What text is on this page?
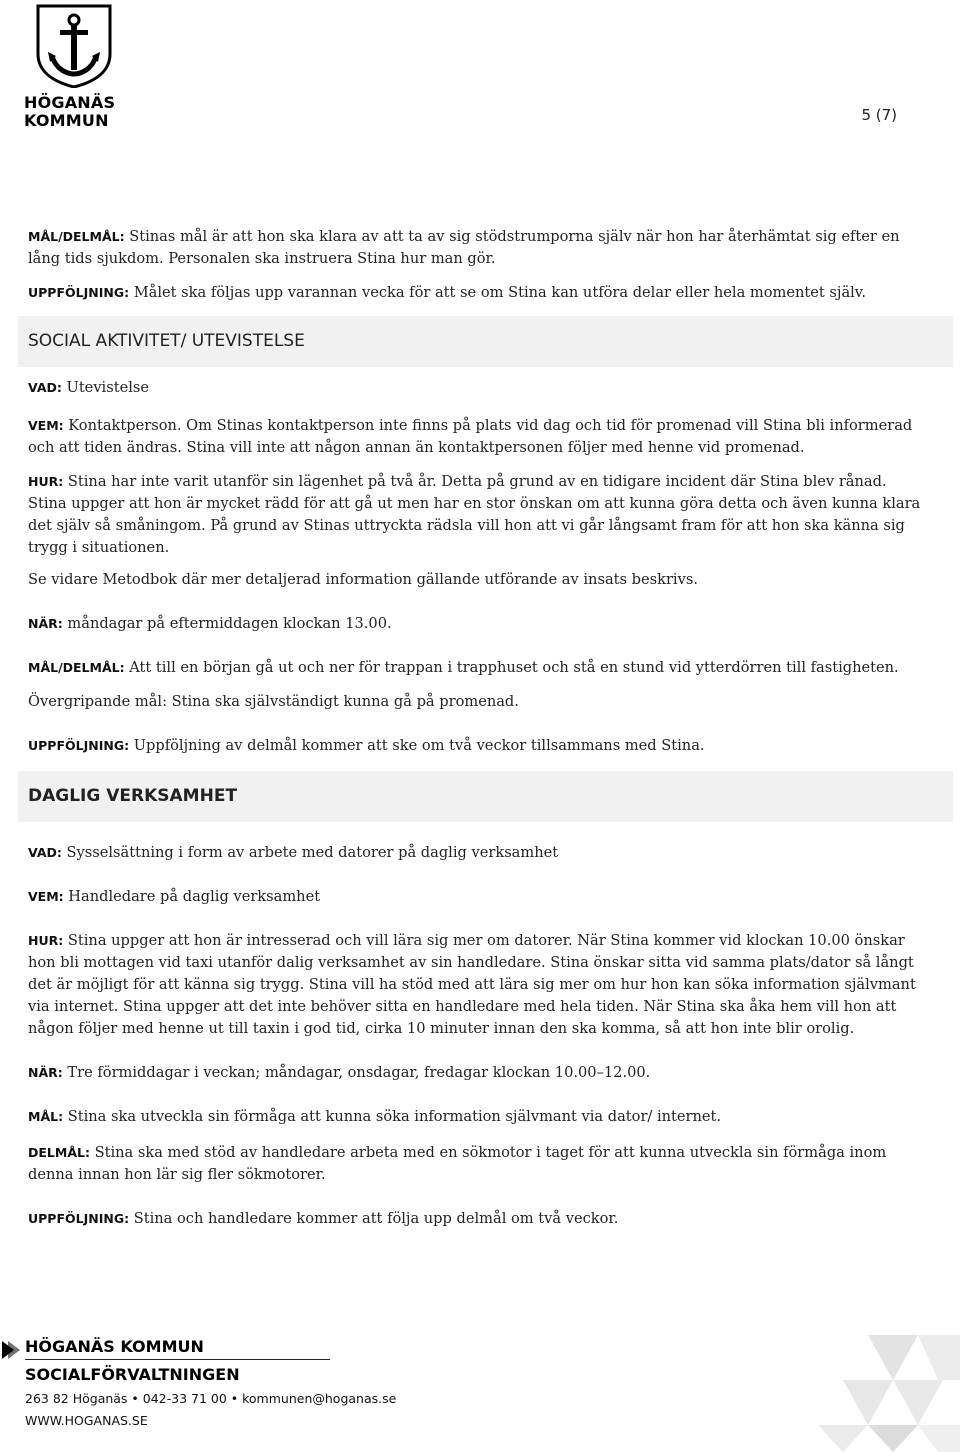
HÖGANÄS
KOMMUN	5 (7)

MÅL/DELMÅL: Stinas mål är att hon ska klara av att ta av sig stödstrumporna själv när hon har återhämtat sig efter en lång tids sjukdom. Personalen ska instruera Stina hur man gör.

UPPFÖLJNING: Målet ska följas upp varannan vecka för att se om Stina kan utföra delar eller hela momentet själv.

SOCIAL AKTIVITET/ UTEVISTELSE

VAD: Utevistelse

VEM: Kontaktperson. Om Stinas kontaktperson inte finns på plats vid dag och tid för promenad vill Stina bli informerad och att tiden ändras. Stina vill inte att någon annan än kontaktpersonen följer med henne vid promenad.

HUR: Stina har inte varit utanför sin lägenhet på två år. Detta på grund av en tidigare incident där Stina blev rånad. Stina uppger att hon är mycket rädd för att gå ut men har en stor önskan om att kunna göra detta och även kunna klara det själv så småningom. På grund av Stinas uttryckta rädsla vill hon att vi går långsamt fram för att hon ska känna sig trygg i situationen.

Se vidare Metodbok där mer detaljerad information gällande utförande av insats beskrivs.

NÄR: måndagar på eftermiddagen klockan 13.00.

MÅL/DELMÅL: Att till en början gå ut och ner för trappan i trapphuset och stå en stund vid ytterdörren till fastigheten.

Övergripande mål: Stina ska självständigt kunna gå på promenad.

UPPFÖLJNING: Uppföljning av delmål kommer att ske om två veckor tillsammans med Stina.

DAGLIG VERKSAMHET

VAD: Sysselsättning i form av arbete med datorer på daglig verksamhet

VEM: Handledare på daglig verksamhet

HUR: Stina uppger att hon är intresserad och vill lära sig mer om datorer. När Stina kommer vid klockan 10.00 önskar hon bli mottagen vid taxi utanför dalig verksamhet av sin handledare. Stina önskar sitta vid samma plats/dator så långt det är möjligt för att känna sig trygg. Stina vill ha stöd med att lära sig mer om hur hon kan söka information självmant via internet. Stina uppger att det inte behöver sitta en handledare med hela tiden. När Stina ska åka hem vill hon att någon följer med henne ut till taxin i god tid, cirka 10 minuter innan den ska komma, så att hon inte blir orolig.

NÄR: Tre förmiddagar i veckan; måndagar, onsdagar, fredagar klockan 10.00–12.00.

MÅL: Stina ska utveckla sin förmåga att kunna söka information självmant via dator/ internet.

DELMÅL: Stina ska med stöd av handledare arbeta med en sökmotor i taget för att kunna utveckla sin förmåga inom denna innan hon lär sig fler sökmotorer.

UPPFÖLJNING: Stina och handledare kommer att följa upp delmål om två veckor.

HÖGANÄS KOMMUN
SOCIALFÖRVALTNINGEN
263 82 Höganäs • 042-33 71 00 • kommunen@hoganas.se
WWW.HOGANAS.SE
